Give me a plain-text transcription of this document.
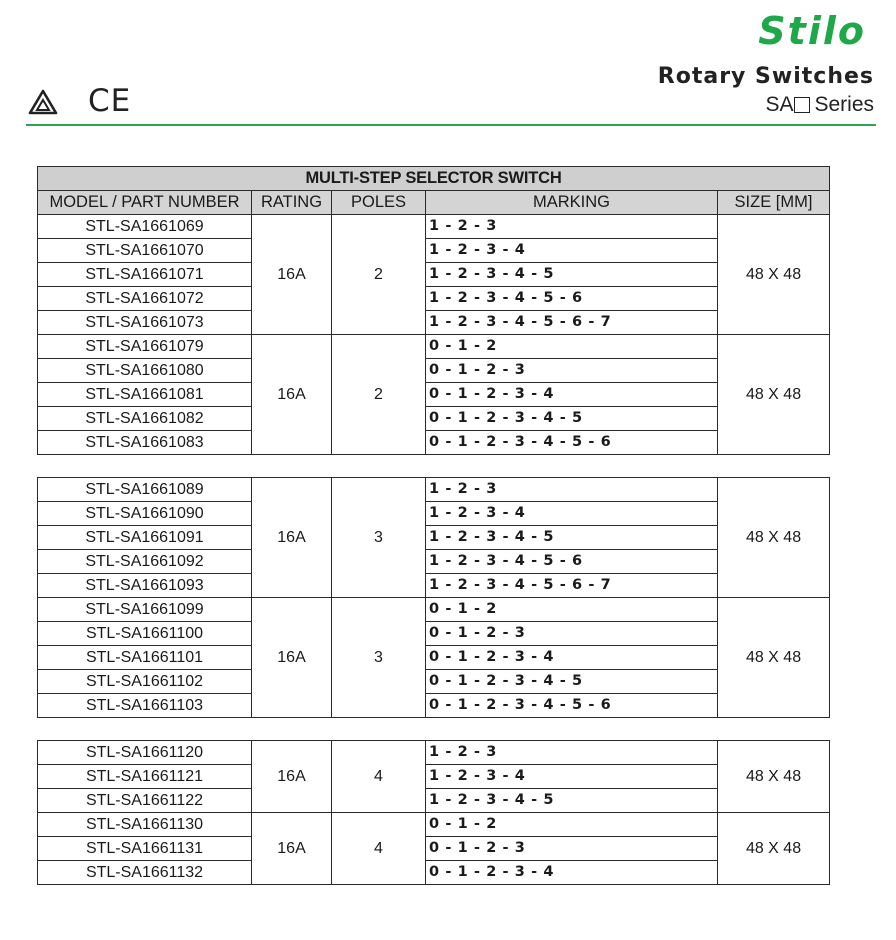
Stilo
Rotary Switches
SA Series
CE
MULTI-STEP SELECTOR SWITCH				
MODEL / PART NUMBER	RATING	POLES	MARKING	SIZE [MM]
STL-SA1661069	16A	2	1 - 2 - 3	48 X 48
STL-SA1661070			1 - 2 - 3 - 4	
STL-SA1661071			1 - 2 - 3 - 4 - 5	
STL-SA1661072			1 - 2 - 3 - 4 - 5 - 6	
STL-SA1661073			1 - 2 - 3 - 4 - 5 - 6 - 7	
STL-SA1661079	16A	2	0 - 1 - 2	48 X 48
STL-SA1661080			0 - 1 - 2 - 3	
STL-SA1661081			0 - 1 - 2 - 3 - 4	
STL-SA1661082			0 - 1 - 2 - 3 - 4 - 5	
STL-SA1661083			0 - 1 - 2 - 3 - 4 - 5 - 6	

STL-SA1661089	16A	3	1 - 2 - 3	48 X 48
STL-SA1661090			1 - 2 - 3 - 4	
STL-SA1661091			1 - 2 - 3 - 4 - 5	
STL-SA1661092			1 - 2 - 3 - 4 - 5 - 6	
STL-SA1661093			1 - 2 - 3 - 4 - 5 - 6 - 7	
STL-SA1661099	16A	3	0 - 1 - 2	48 X 48
STL-SA1661100			0 - 1 - 2 - 3	
STL-SA1661101			0 - 1 - 2 - 3 - 4	
STL-SA1661102			0 - 1 - 2 - 3 - 4 - 5	
STL-SA1661103			0 - 1 - 2 - 3 - 4 - 5 - 6	

STL-SA1661120	16A	4	1 - 2 - 3	48 X 48
STL-SA1661121			1 - 2 - 3 - 4	
STL-SA1661122			1 - 2 - 3 - 4 - 5	
STL-SA1661130	16A	4	0 - 1 - 2	48 X 48
STL-SA1661131			0 - 1 - 2 - 3	
STL-SA1661132			0 - 1 - 2 - 3 - 4	
